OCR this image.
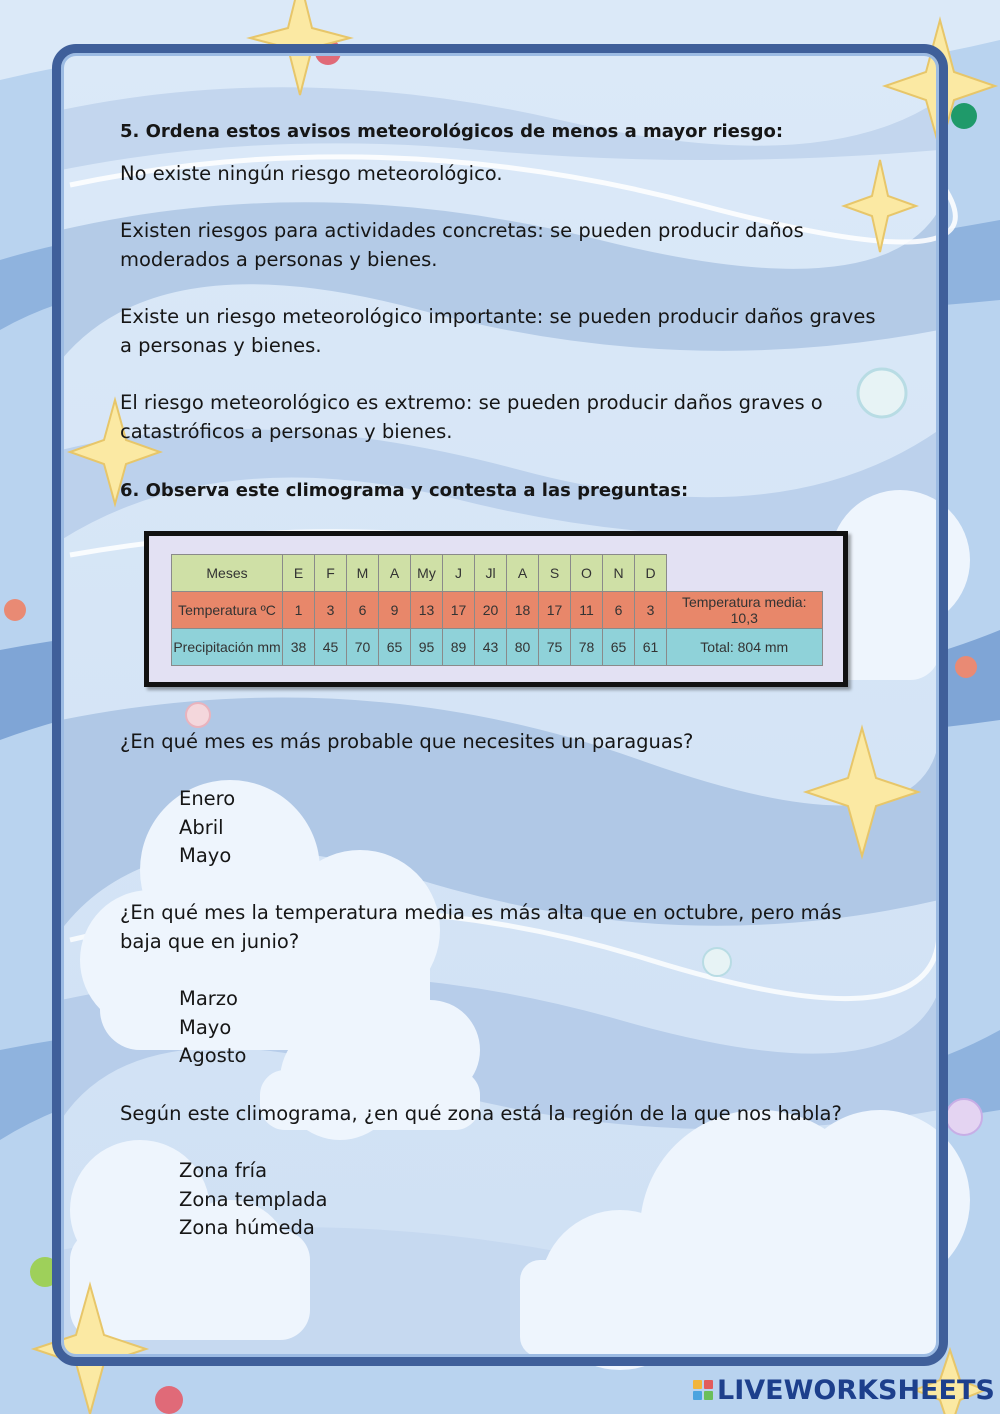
5. Ordena estos avisos meteorológicos de menos a mayor riesgo:
No existe ningún riesgo meteorológico.
Existen riesgos para actividades concretas: se pueden producir daños moderados a personas y bienes.
Existe un riesgo meteorológico importante: se pueden producir daños graves a personas y bienes.
El riesgo meteorológico es extremo: se pueden producir daños graves o catastróficos a personas y bienes.
6. Observa este climograma y contesta a las preguntas:
Meses	E	F	M	A	My	J	Jl	A	S	O	N	D	
Temperatura ºC	1	3	6	9	13	17	20	18	17	11	6	3	Temperatura media: 10,3
Precipitación mm	38	45	70	65	95	89	43	80	75	78	65	61	Total: 804 mm
¿En qué mes es más probable que necesites un paraguas?
Enero
Abril
Mayo
¿En qué mes la temperatura media es más alta que en octubre, pero más baja que en junio?
Marzo
Mayo
Agosto
Según este climograma, ¿en qué zona está la región de la que nos habla?
Zona fría
Zona templada
Zona húmeda
LIVEWORKSHEETS
